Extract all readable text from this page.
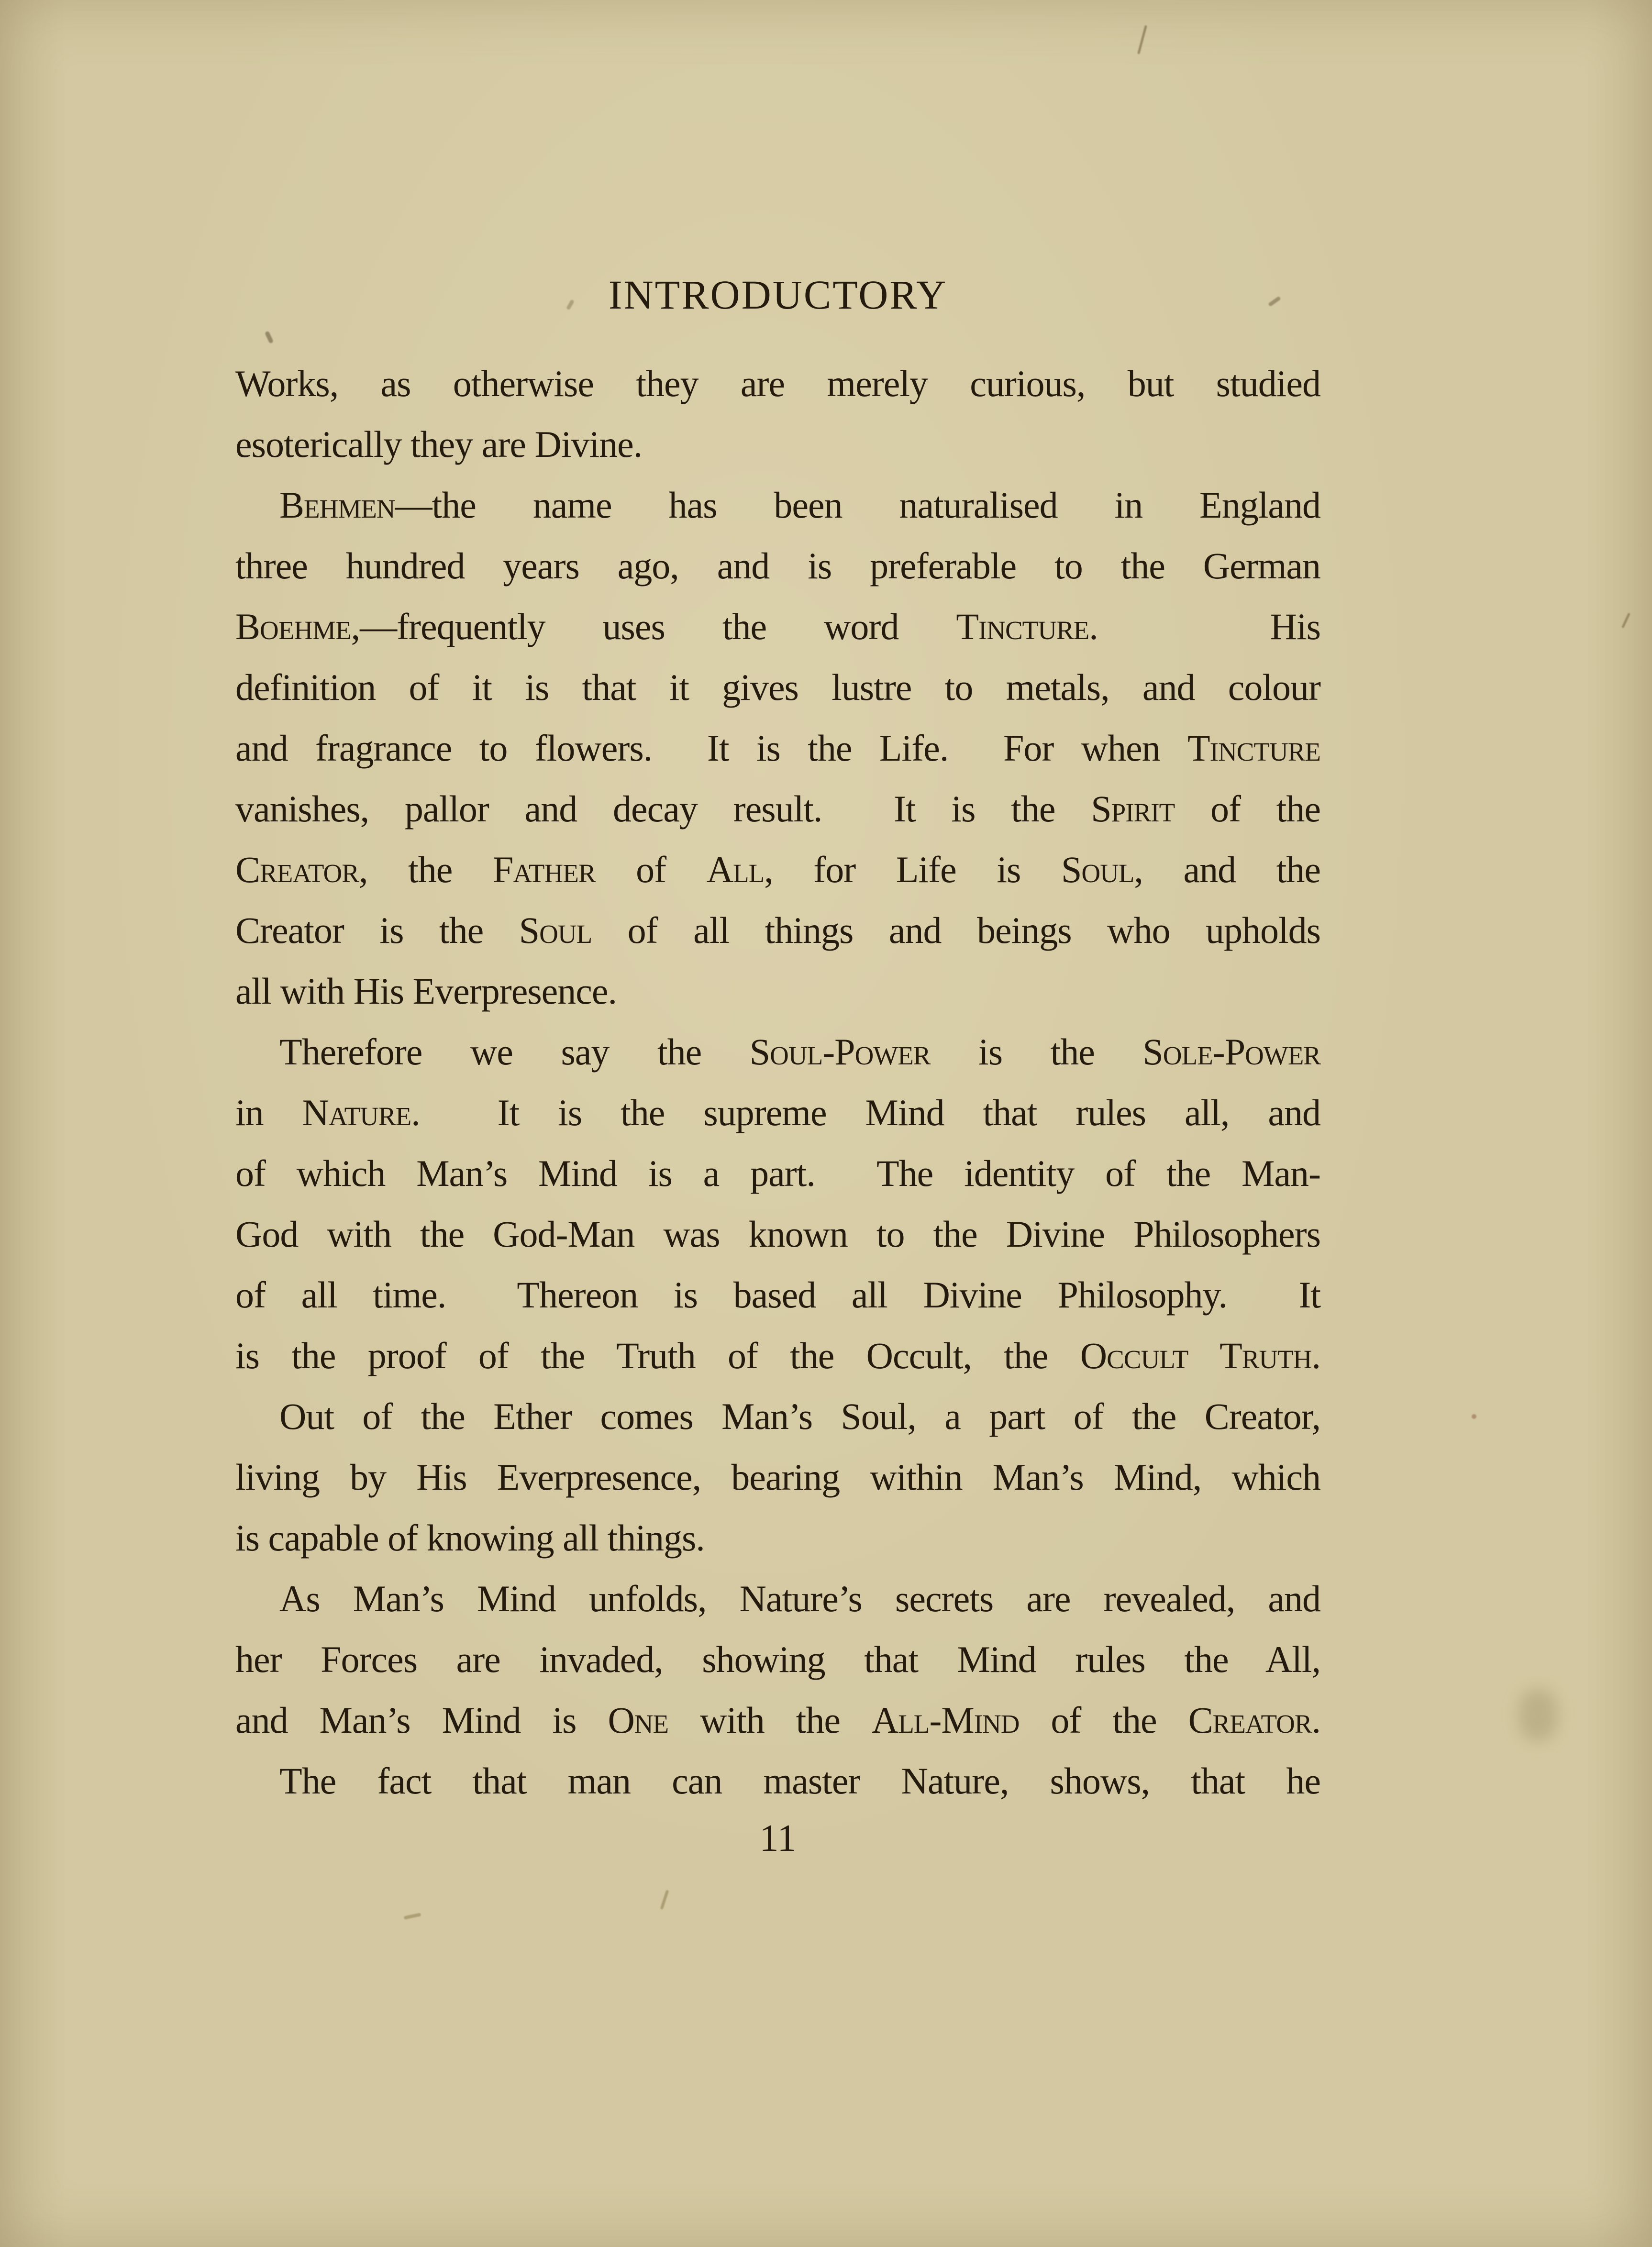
INTRODUCTORY
Works, as otherwise they are merely curious, but studied
esoterically they are Divine.
Behmen—the name has been naturalised in England
three hundred years ago, and is preferable to the German
Boehme,—frequently uses the word Tincture.   His
definition of it is that it gives lustre to metals, and colour
and fragrance to flowers.  It is the Life.  For when Tincture
vanishes, pallor and decay result.  It is the Spirit of the
Creator, the Father of All, for Life is Soul, and the
Creator is the Soul of all things and beings who upholds
all with His Everpresence.
Therefore we say the Soul-Power is the Sole-Power
in Nature.  It is the supreme Mind that rules all, and
of which Man’s Mind is a part.  The identity of the Man-
God with the God-Man was known to the Divine Philosophers
of all time.  Thereon is based all Divine Philosophy.  It
is the proof of the Truth of the Occult, the Occult Truth.
Out of the Ether comes Man’s Soul, a part of the Creator,
living by His Everpresence, bearing within Man’s Mind, which
is capable of knowing all things.
As Man’s Mind unfolds, Nature’s secrets are revealed, and
her Forces are invaded, showing that Mind rules the All,
and Man’s Mind is One with the All-Mind of the Creator.
The fact that man can master Nature, shows, that he
11
